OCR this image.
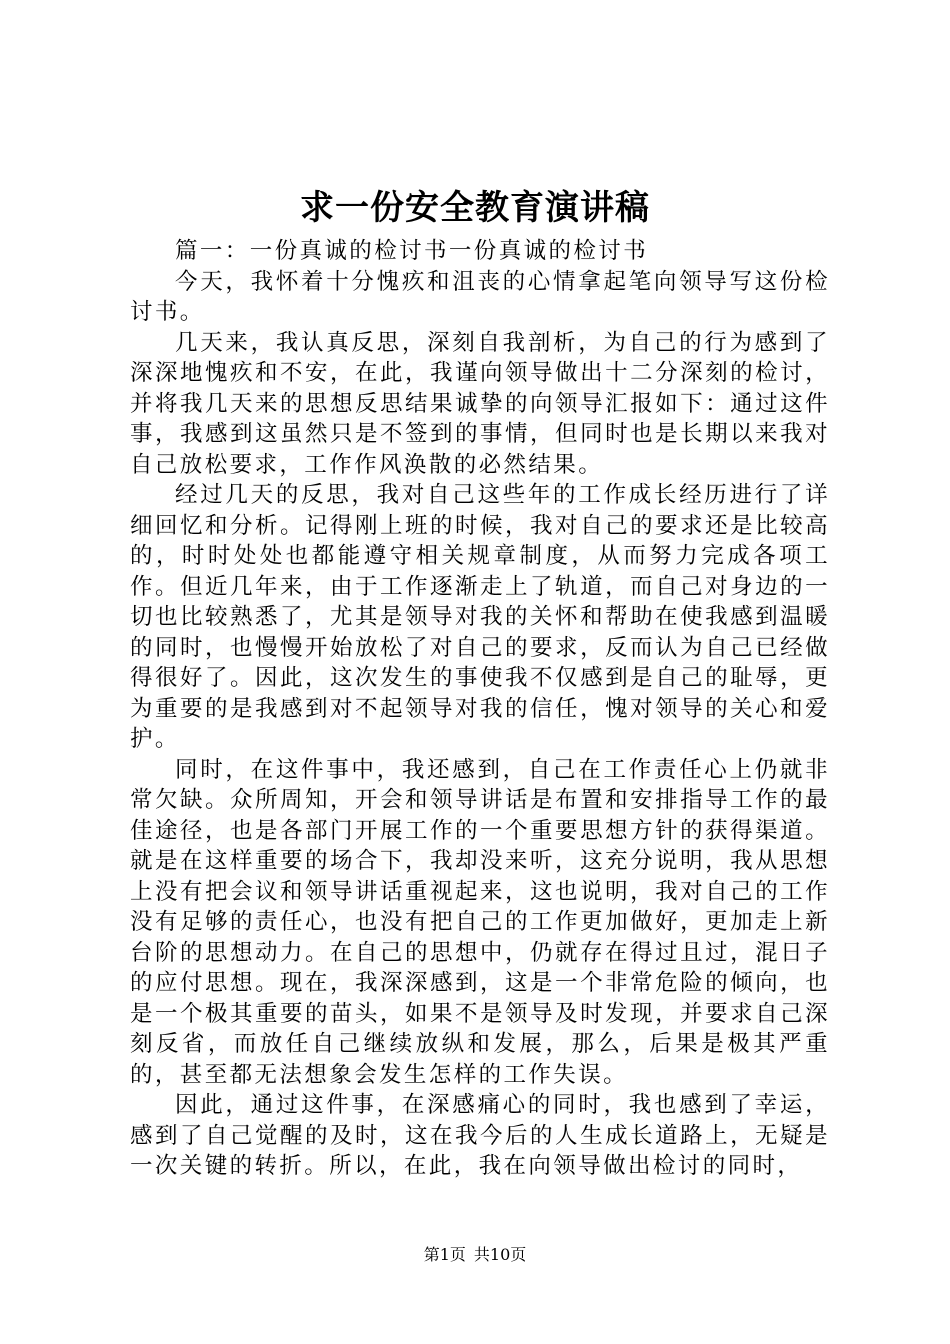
求一份安全教育演讲稿

篇一：一份真诚的检讨书一份真诚的检讨书

今天，我怀着十分愧疚和沮丧的心情拿起笔向领导写这份检讨书。

几天来，我认真反思，深刻自我剖析，为自己的行为感到了深深地愧疚和不安，在此，我谨向领导做出十二分深刻的检讨，并将我几天来的思想反思结果诚挚的向领导汇报如下：通过这件事，我感到这虽然只是不签到的事情，但同时也是长期以来我对自己放松要求，工作作风涣散的必然结果。

经过几天的反思，我对自己这些年的工作成长经历进行了详细回忆和分析。记得刚上班的时候，我对自己的要求还是比较高的，时时处处也都能遵守相关规章制度，从而努力完成各项工作。但近几年来，由于工作逐渐走上了轨道，而自己对身边的一切也比较熟悉了，尤其是领导对我的关怀和帮助在使我感到温暖的同时，也慢慢开始放松了对自己的要求，反而认为自己已经做得很好了。因此，这次发生的事使我不仅感到是自己的耻辱，更为重要的是我感到对不起领导对我的信任，愧对领导的关心和爱护。

同时，在这件事中，我还感到，自己在工作责任心上仍就非常欠缺。众所周知，开会和领导讲话是布置和安排指导工作的最佳途径，也是各部门开展工作的一个重要思想方针的获得渠道。就是在这样重要的场合下，我却没来听，这充分说明，我从思想上没有把会议和领导讲话重视起来，这也说明，我对自己的工作没有足够的责任心，也没有把自己的工作更加做好，更加走上新台阶的思想动力。在自己的思想中，仍就存在得过且过，混日子的应付思想。现在，我深深感到，这是一个非常危险的倾向，也是一个极其重要的苗头，如果不是领导及时发现，并要求自己深刻反省，而放任自己继续放纵和发展，那么，后果是极其严重的，甚至都无法想象会发生怎样的工作失误。

因此，通过这件事，在深感痛心的同时，我也感到了幸运，感到了自己觉醒的及时，这在我今后的人生成长道路上，无疑是一次关键的转折。所以，在此，我在向领导做出检讨的同时，

第1页 共10页
